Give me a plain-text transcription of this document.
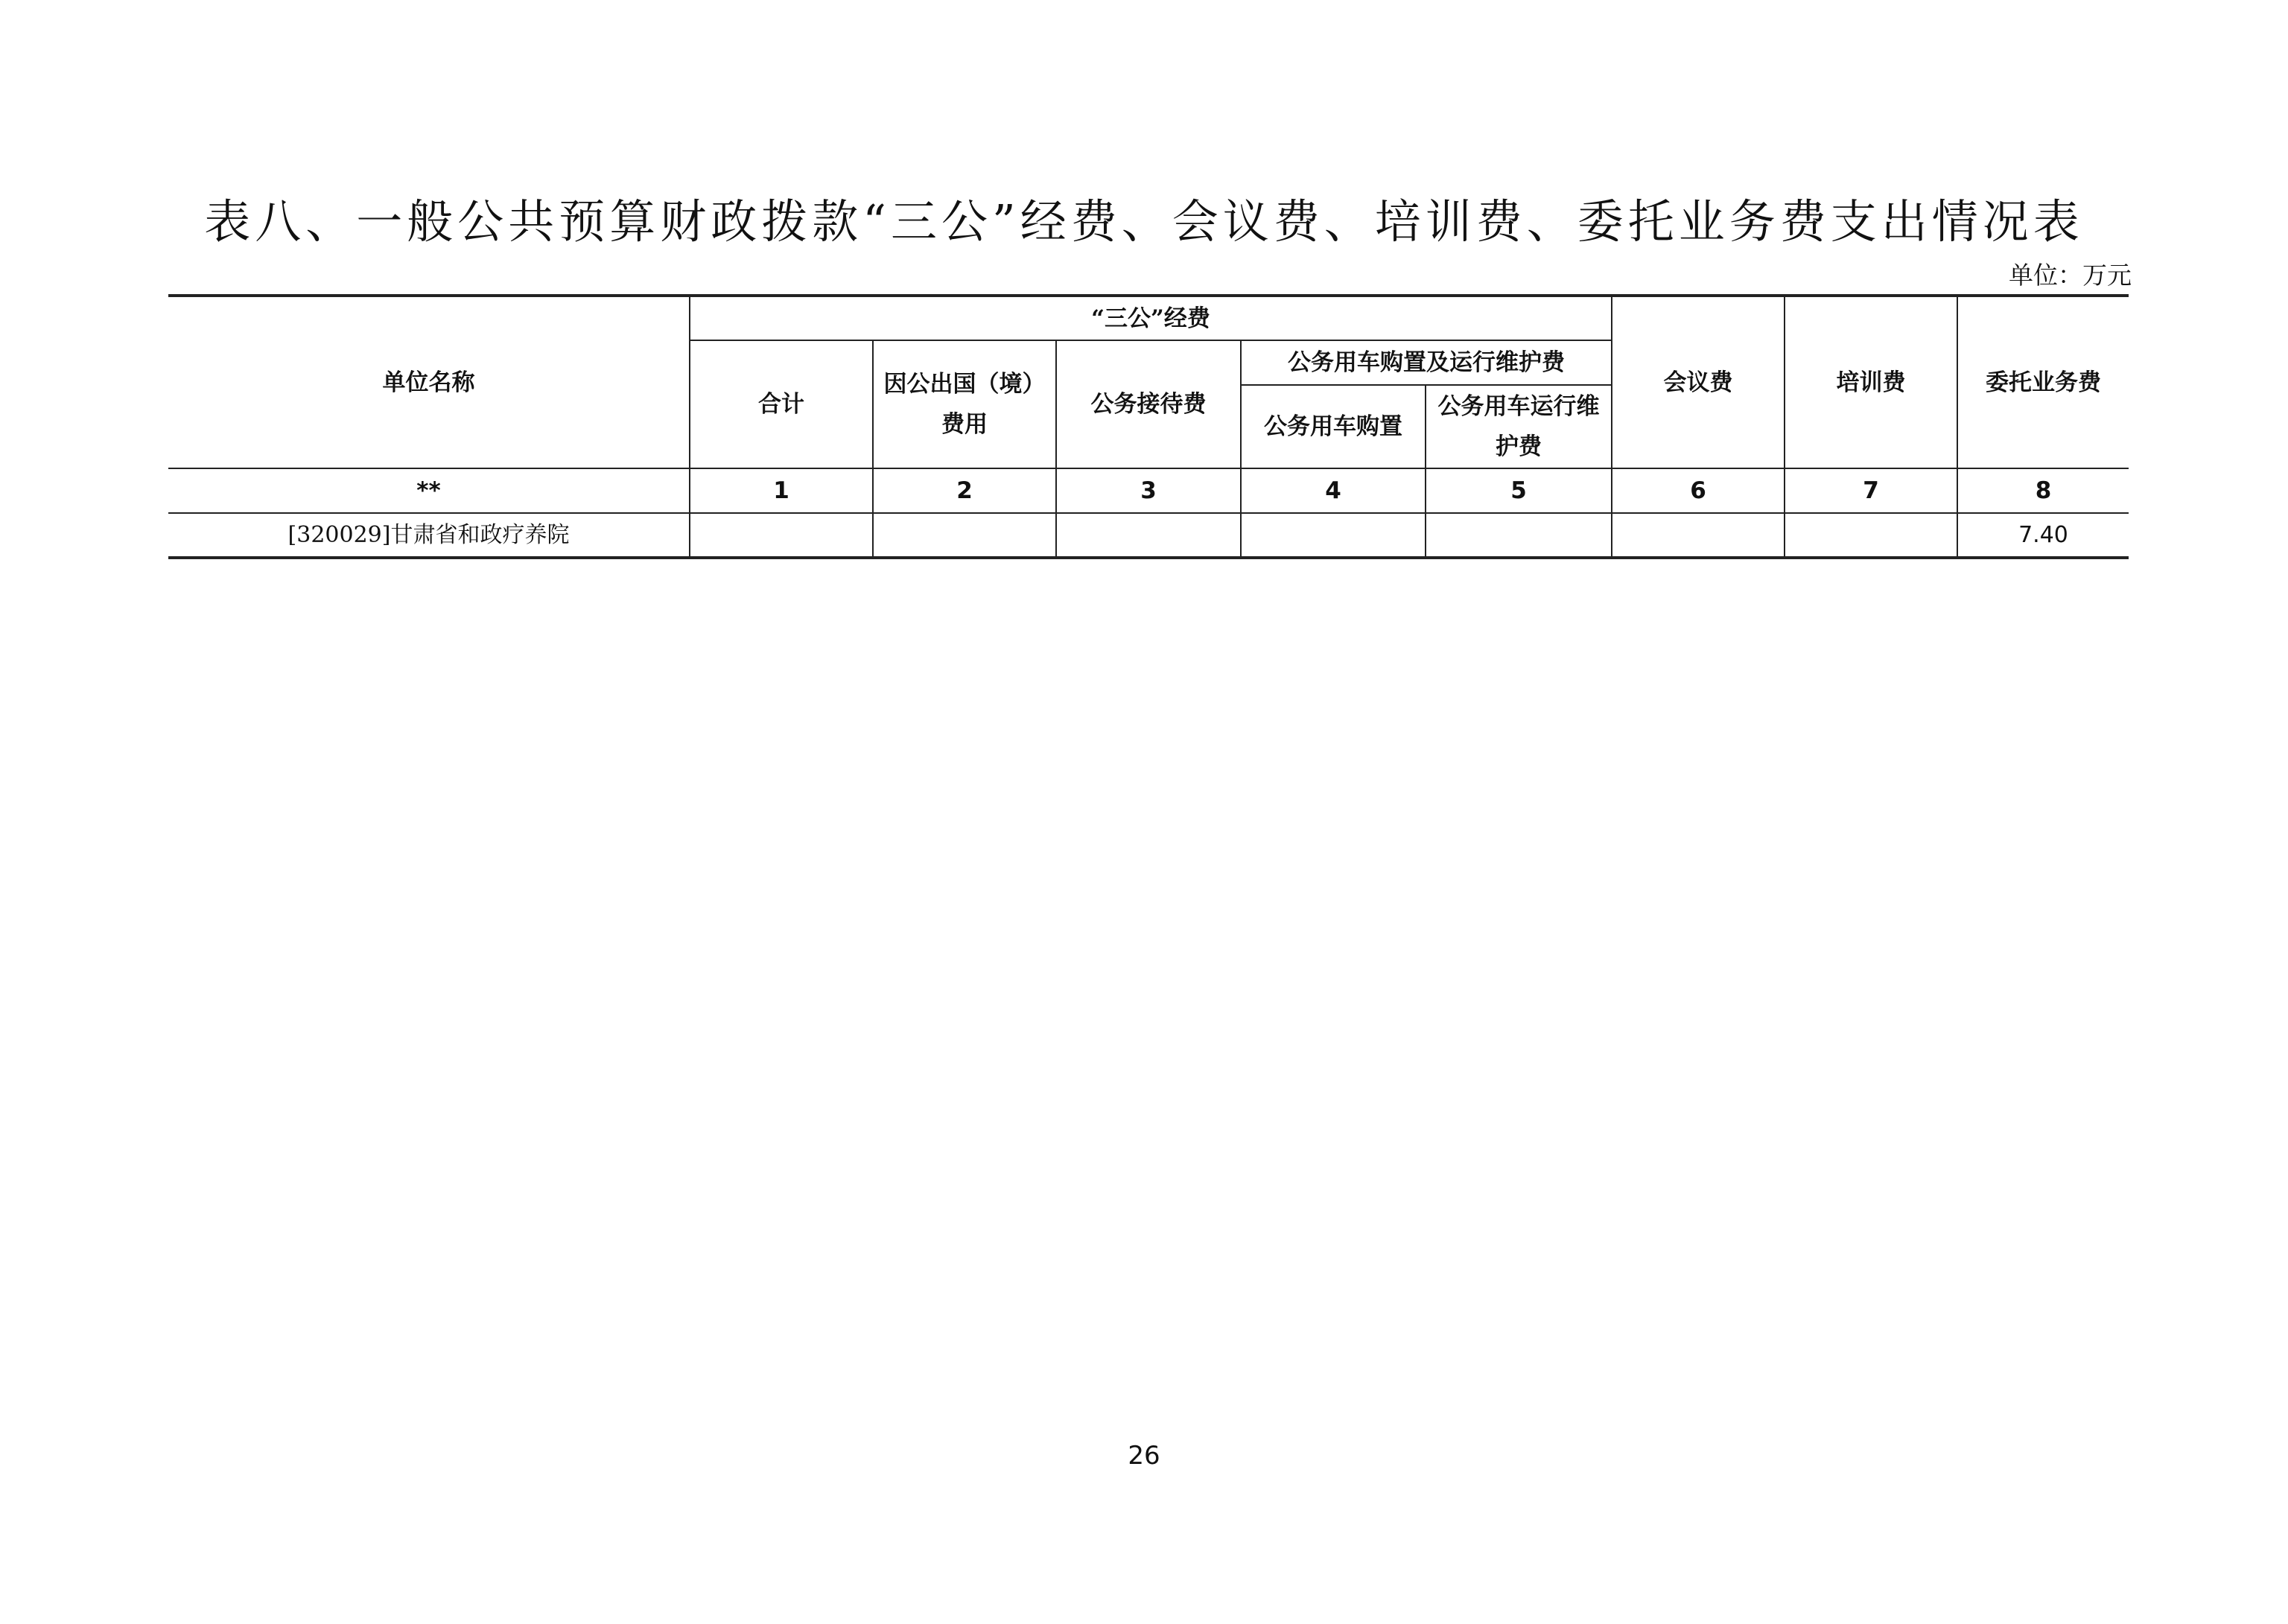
表八、一般公共预算财政拨款“三公”经费、会议费、培训费、委托业务费支出情况表
单位：万元
单位名称	“三公”经费					会议费	培训费	委托业务费
	合计	因公出国（境）费用	公务接待费	公务用车购置及运行维护费				
				公务用车购置	公务用车运行维护费			
**	1	2	3	4	5	6	7	8
[320029]甘肃省和政疗养院								7.40
26
